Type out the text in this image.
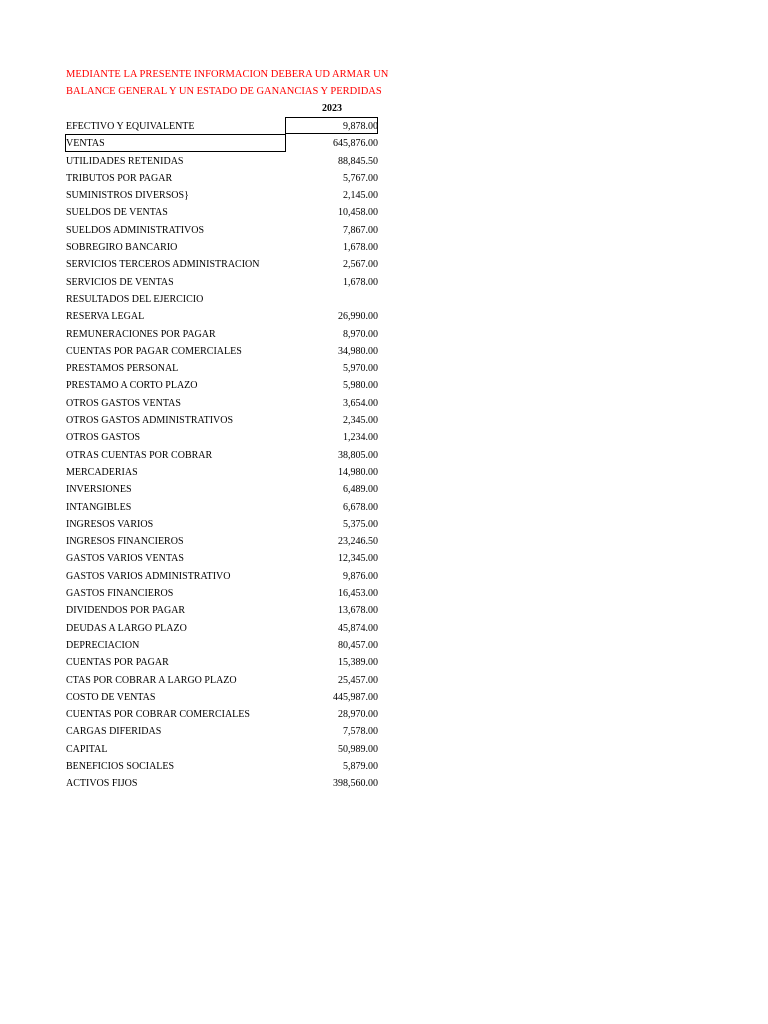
MEDIANTE LA PRESENTE INFORMACION DEBERA UD ARMAR UN
BALANCE GENERAL Y UN ESTADO DE GANANCIAS Y PERDIDAS
2023
EFECTIVO Y EQUIVALENTE	9,878.00
VENTAS	645,876.00
UTILIDADES RETENIDAS	88,845.50
TRIBUTOS POR PAGAR	5,767.00
SUMINISTROS DIVERSOS}	2,145.00
SUELDOS DE VENTAS	10,458.00
SUELDOS ADMINISTRATIVOS	7,867.00
SOBREGIRO BANCARIO	1,678.00
SERVICIOS TERCEROS ADMINISTRACION	2,567.00
SERVICIOS DE VENTAS	1,678.00
RESULTADOS DEL EJERCICIO
RESERVA LEGAL	26,990.00
REMUNERACIONES POR PAGAR	8,970.00
CUENTAS POR PAGAR COMERCIALES	34,980.00
PRESTAMOS PERSONAL	5,970.00
PRESTAMO A CORTO PLAZO	5,980.00
OTROS GASTOS VENTAS	3,654.00
OTROS GASTOS ADMINISTRATIVOS	2,345.00
OTROS GASTOS	1,234.00
OTRAS CUENTAS POR COBRAR	38,805.00
MERCADERIAS	14,980.00
INVERSIONES	6,489.00
INTANGIBLES	6,678.00
INGRESOS VARIOS	5,375.00
INGRESOS FINANCIEROS	23,246.50
GASTOS VARIOS VENTAS	12,345.00
GASTOS VARIOS ADMINISTRATIVO	9,876.00
GASTOS FINANCIEROS	16,453.00
DIVIDENDOS POR PAGAR	13,678.00
DEUDAS A LARGO PLAZO	45,874.00
DEPRECIACION	80,457.00
CUENTAS POR PAGAR	15,389.00
CTAS POR COBRAR A LARGO PLAZO	25,457.00
COSTO DE VENTAS	445,987.00
CUENTAS POR COBRAR COMERCIALES	28,970.00
CARGAS DIFERIDAS	7,578.00
CAPITAL	50,989.00
BENEFICIOS SOCIALES	5,879.00
ACTIVOS FIJOS	398,560.00
